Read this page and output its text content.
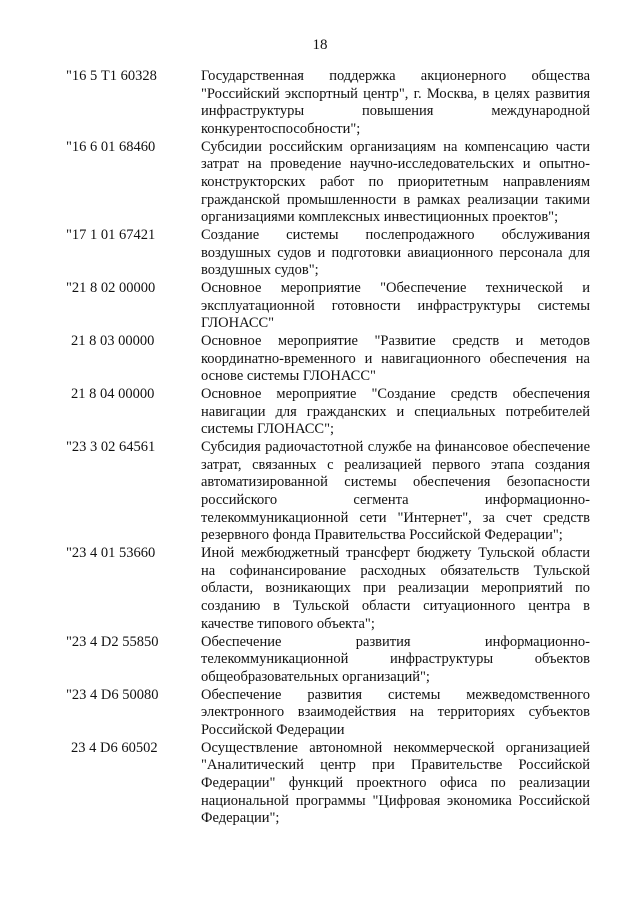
18
"16 5 Т1 60328	Государственная поддержка акционерного общества
"Российский экспортный центр", г. Москва, в целях развития
инфраструктуры повышения международной
конкурентоспособности";
"16 6 01 68460	Субсидии российским организациям на компенсацию части
затрат на проведение научно-исследовательских и опытно-
конструкторских работ по приоритетным направлениям
гражданской промышленности в рамках реализации такими
организациями комплексных инвестиционных проектов";
"17 1 01 67421	Создание системы послепродажного обслуживания
воздушных судов и подготовки авиационного персонала для
воздушных судов";
"21 8 02 00000	Основное мероприятие "Обеспечение технической и
эксплуатационной готовности инфраструктуры системы
ГЛОНАСС"
21 8 03 00000	Основное мероприятие "Развитие средств и методов
координатно-временного и навигационного обеспечения на
основе системы ГЛОНАСС"
21 8 04 00000	Основное мероприятие "Создание средств обеспечения
навигации для гражданских и специальных потребителей
системы ГЛОНАСС";
"23 3 02 64561	Субсидия радиочастотной службе на финансовое обеспечение
затрат, связанных с реализацией первого этапа создания
автоматизированной системы обеспечения безопасности
российского сегмента информационно-
телекоммуникационной сети "Интернет", за счет средств
резервного фонда Правительства Российской Федерации";
"23 4 01 53660	Иной межбюджетный трансферт бюджету Тульской области
на софинансирование расходных обязательств Тульской
области, возникающих при реализации мероприятий по
созданию в Тульской области ситуационного центра в
качестве типового объекта";
"23 4 D2 55850	Обеспечение развития информационно-
телекоммуникационной инфраструктуры объектов
общеобразовательных организаций";
"23 4 D6 50080	Обеспечение развития системы межведомственного
электронного взаимодействия на территориях субъектов
Российской Федерации
23 4 D6 60502	Осуществление автономной некоммерческой организацией
"Аналитический центр при Правительстве Российской
Федерации" функций проектного офиса по реализации
национальной программы "Цифровая экономика Российской
Федерации";
